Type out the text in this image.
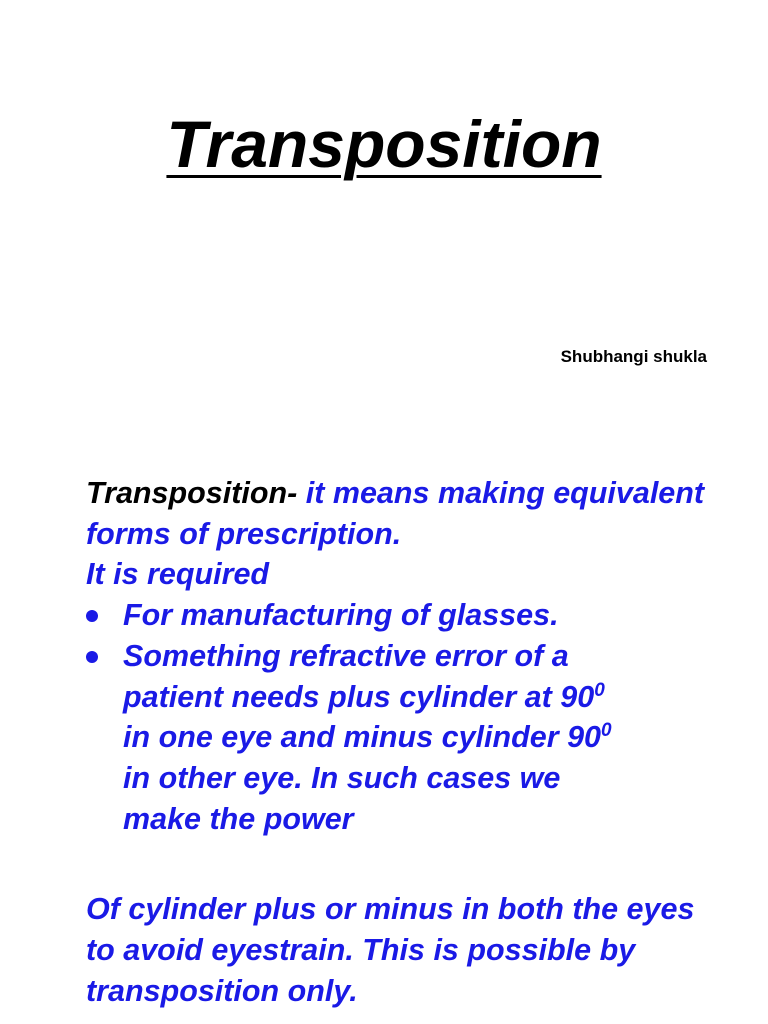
Transposition
Shubhangi shukla

Transposition- it means making equivalent forms of prescription.

It is required

For manufacturing of glasses.
Something refractive error of a patient needs plus cylinder at $90^0$  in one eye and minus cylinder $90^0$ in other eye. In such cases we make the power

Of cylinder plus or minus in both the eyes to avoid eyestrain. This is possible by transposition only.
